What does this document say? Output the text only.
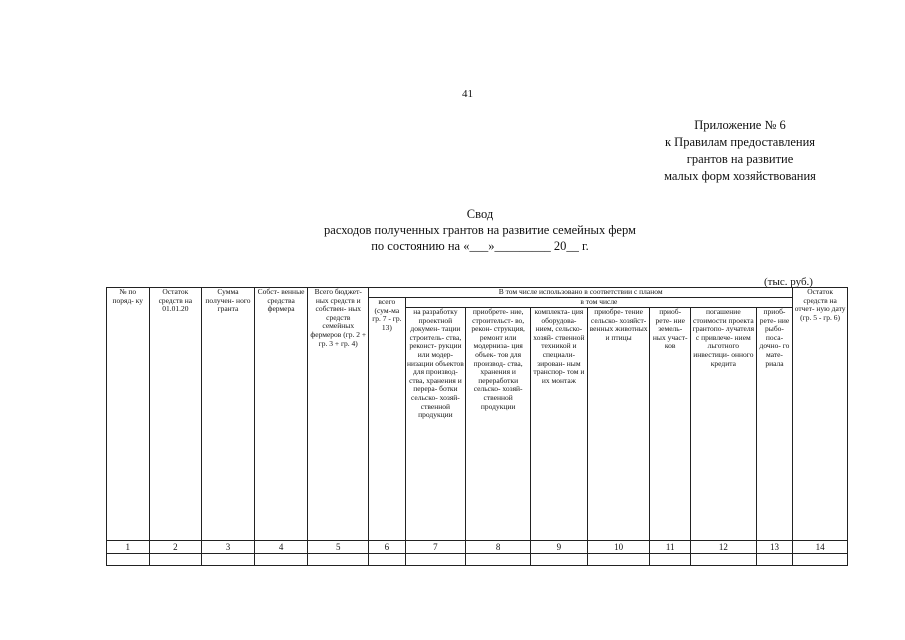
41
Приложение № 6
к Правилам предоставления
грантов на развитие
малых форм хозяйствования
Свод
расходов полученных грантов на развитие семейных ферм
по состоянию на «___»_________ 20__ г.
(тыс. руб.)
№ по поряд- ку	Остаток средств на 01.01.20	Сумма получен- ного гранта	Собст- венные средства фермера	Всего бюджет- ных средств и собствен- ных средств семейных фермеров (гр. 2 + гр. 3 + гр. 4)	В том числе использовано в соответствии с планом								Остаток средств на отчет- ную дату (гр. 5 - гр. 6)
					всего (сум-ма гр. 7 - гр. 13)	в том числе							
						на разработку проектной докумен- тации строитель- ства, реконст- рукции или модер- низации объектов для производ- ства, хранения и перера- ботки сельско- хозяй- ственной продукции	приобрете- ние, строительст- во, рекон- струкция, ремонт или модерниза- ция объек- тов для производ- ства, хранения и переработки сельско- хозяй- ственной продукции	комплекта- ция оборудова- нием, сельско- хозяй- ственной техникой и специали- зирован- ным транспор- том и их монтаж	приобре- тение сельско- хозяйст- венных животных и птицы	приоб- рете- ние земель- ных участ- ков	погашение стоимости проекта грантопо- лучателя с привлече- нием льготного инвестици- онного кредита	приоб- рете- ние рыбо- поса- дочно- го мате- риала	
1	2	3	4	5	6	7	8	9	10	11	12	13	14
